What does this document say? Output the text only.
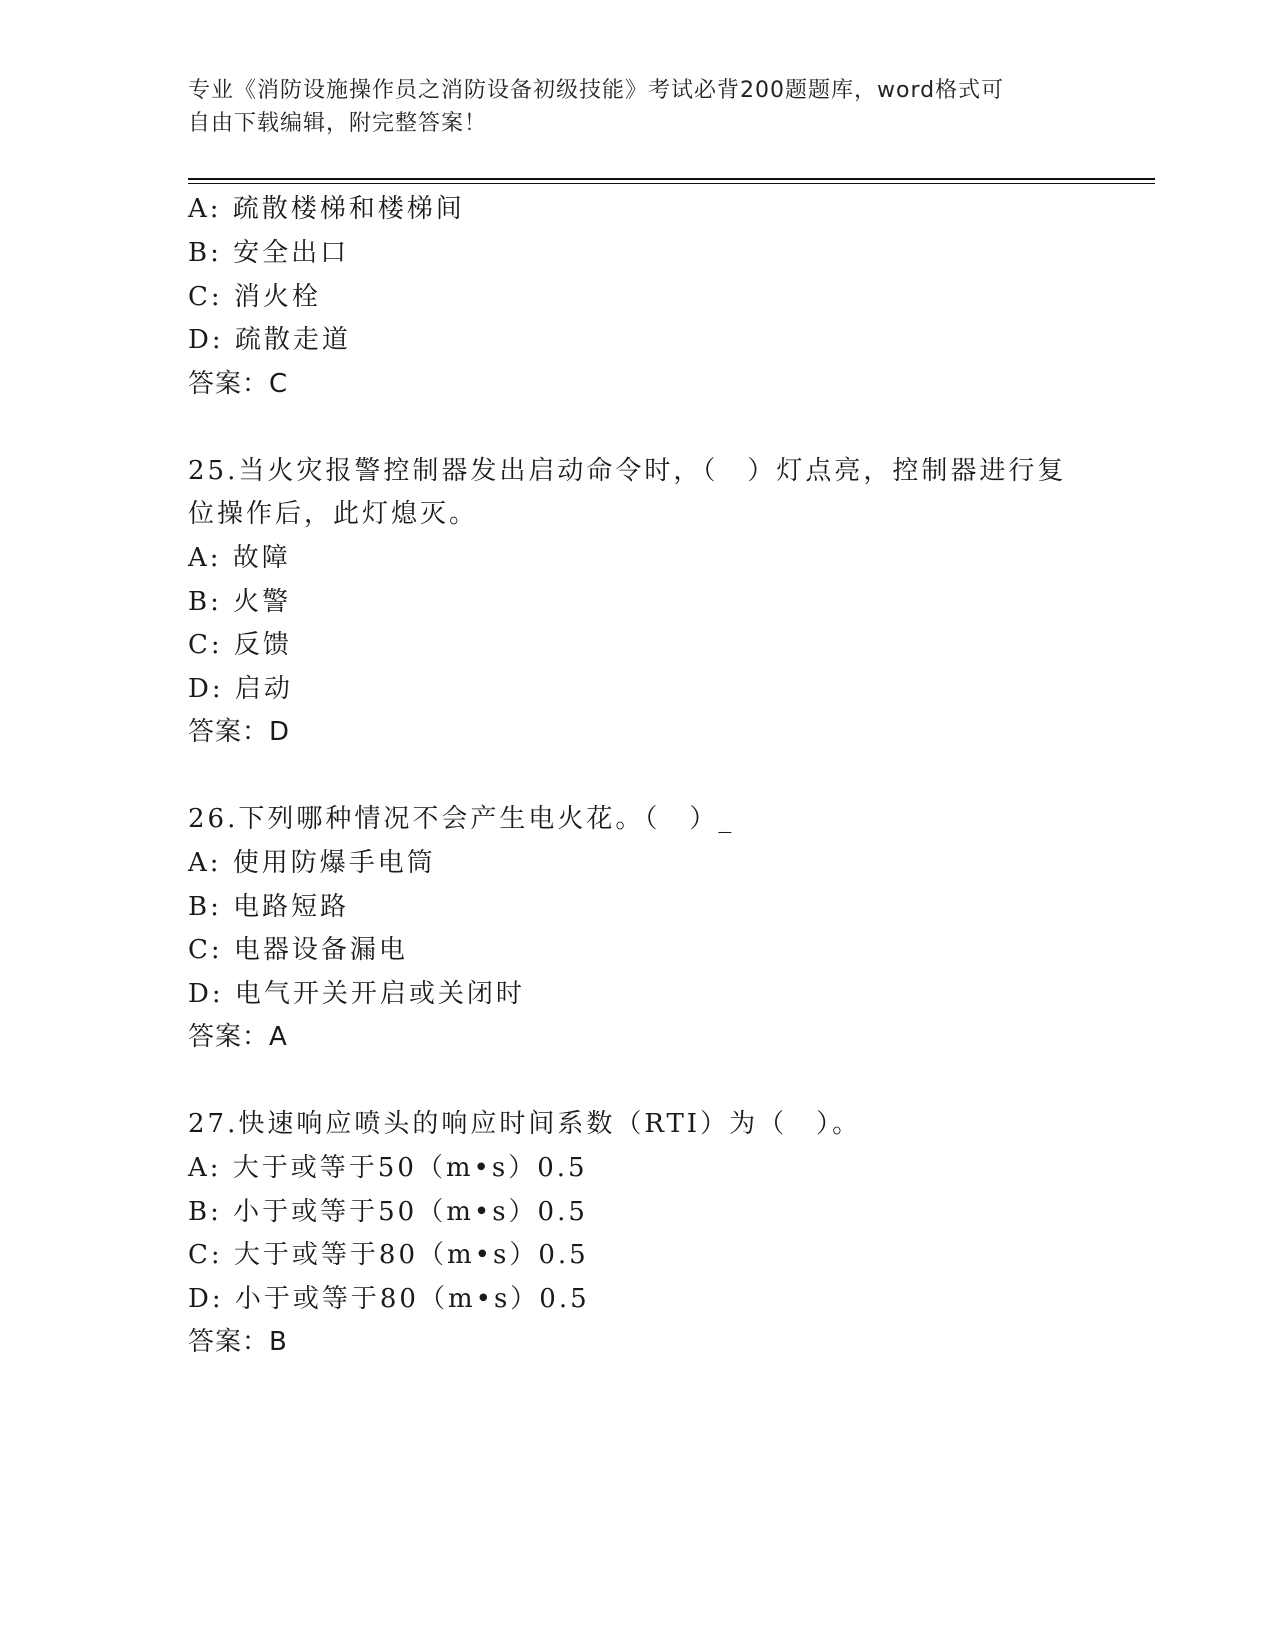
专业《消防设施操作员之消防设备初级技能》考试必背200题题库，word格式可
自由下载编辑，附完整答案！
A: 疏散楼梯和楼梯间
B: 安全出口
C: 消火栓
D: 疏散走道
答案：C
25.当火灾报警控制器发出启动命令时，（　）灯点亮，控制器进行复
位操作后，此灯熄灭。
A: 故障
B: 火警
C: 反馈
D: 启动
答案：D
26.下列哪种情况不会产生电火花。（　）_
A: 使用防爆手电筒
B: 电路短路
C: 电器设备漏电
D: 电气开关开启或关闭时
答案：A
27.快速响应喷头的响应时间系数（RTI）为（　）。
A: 大于或等于50（m•s）0.5
B: 小于或等于50（m•s）0.5
C: 大于或等于80（m•s）0.5
D: 小于或等于80（m•s）0.5
答案：B
